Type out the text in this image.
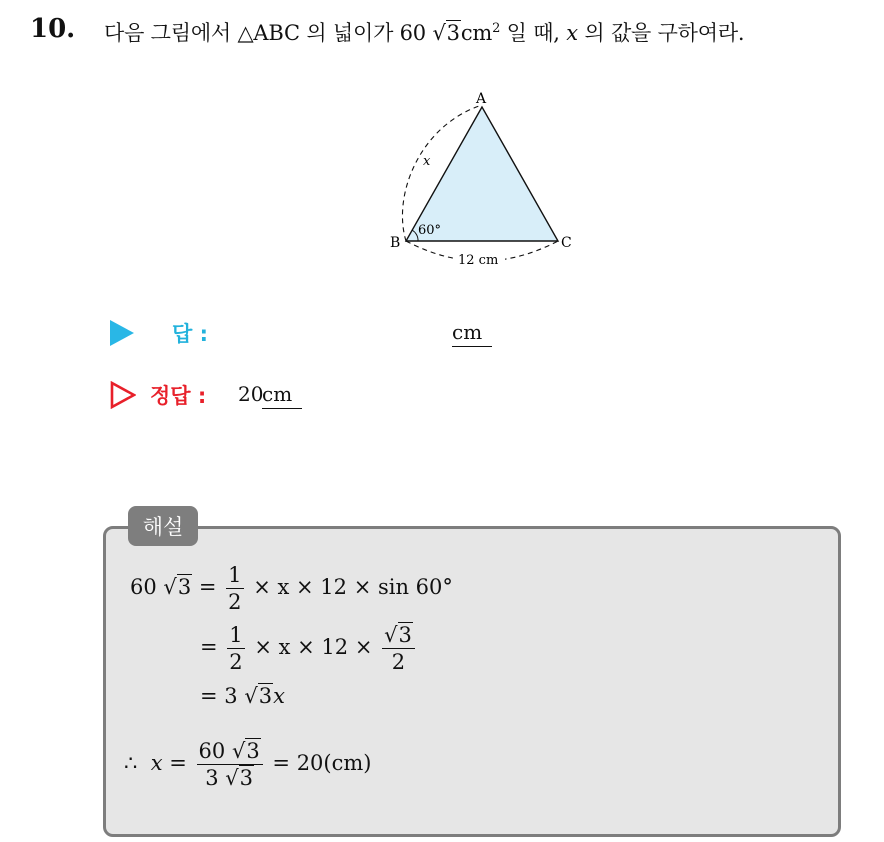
10. 다음 그림에서 △ABC 의 넓이가 60 $√3cm^2$ 일 때, x 의 값을 구하여라.
A
B	C
60°
x
12 cm
답 :	cm
정답 : 20
cm
해설
60 $√3 = \frac{1}{2} \times x \times 12 \times \sin 60^\circ$
= $\frac{1}{2} \times x \times 12 \times \frac{√3}{2}$
= 3 √3x
∴ $x = \frac{60 √3}{3 √3} = 20(cm)$
